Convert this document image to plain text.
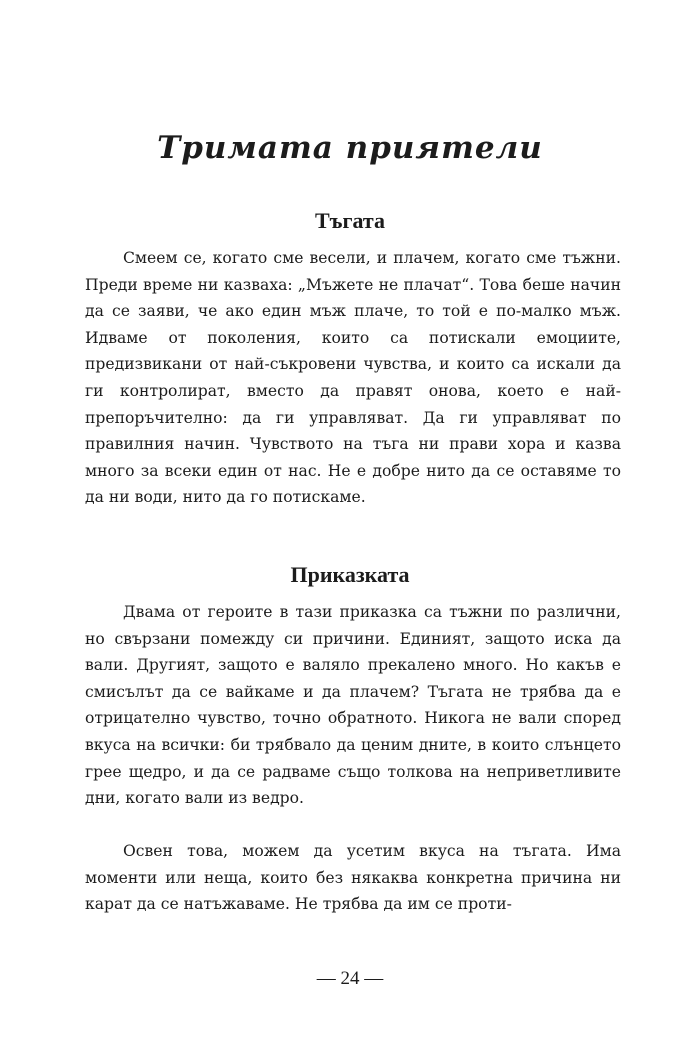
Тримата приятели
Тъгата

Смеем се, когато сме весели, и плачем, когато сме тъжни. Преди време ни казваха: „Мъжете не плачат“. Това беше начин да се заяви, че ако един мъж плаче, то той е по-малко мъж. Идваме от поколения, които са потискали емоциите, предизвикани от най-съкровени чувства, и които са искали да ги контролират, вместо да правят онова, което е най-препоръчително: да ги управляват. Да ги управляват по правилния начин. Чувството на тъга ни прави хора и казва много за всеки един от нас. Не е добре нито да се оставяме то да ни води, нито да го потискаме.

Приказката

Двама от героите в тази приказка са тъжни по различни, но свързани помежду си причини. Единият, защото иска да вали. Другият, защото е валяло прекалено много. Но какъв е смисълът да се вайкаме и да плачем? Тъгата не трябва да е отрицателно чувство, точно обратното. Никога не вали според вкуса на всички: би трябвало да ценим дните, в които слънцето грее щедро, и да се радваме също толкова на неприветливите дни, когато вали из ведро.

Освен това, можем да усетим вкуса на тъгата. Има моменти или неща, които без някаква конкретна причина ни карат да се натъжаваме. Не трябва да им се проти-

— 24 —
